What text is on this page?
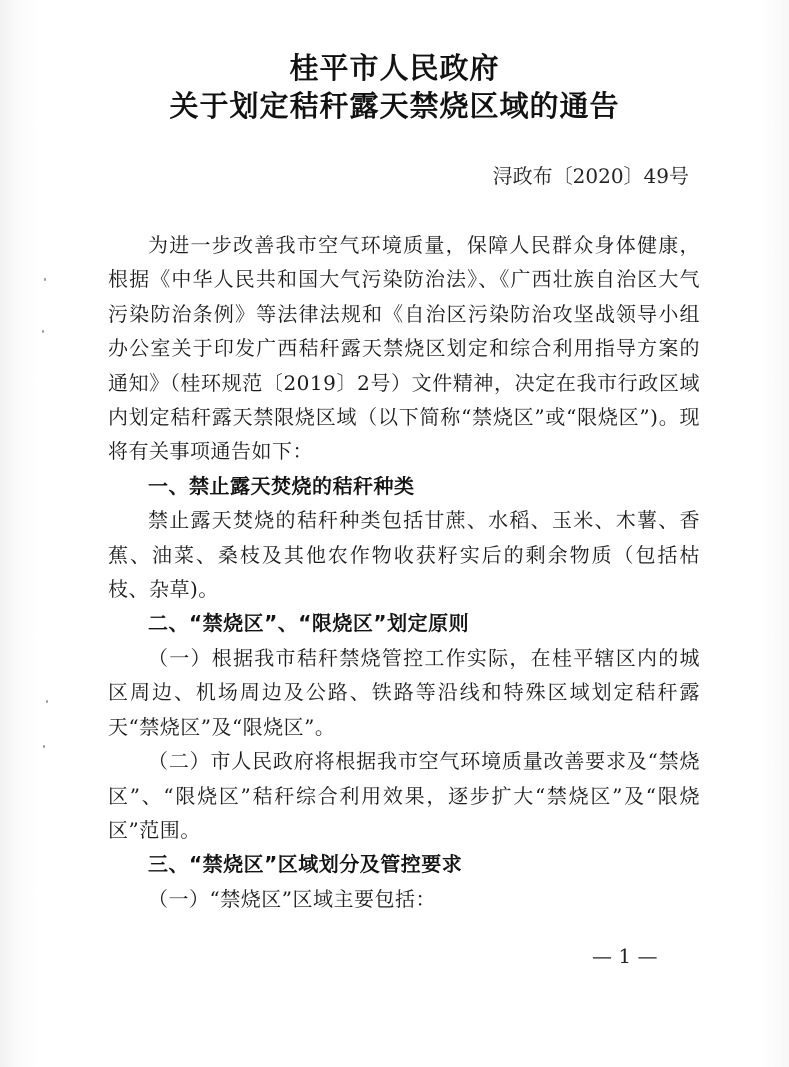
桂平市人民政府
关于划定秸秆露天禁烧区域的通告
浔政布〔2020〕49号

为进一步改善我市空气环境质量，保障人民群众身体健康，根据《中华人民共和国大气污染防治法》、《广西壮族自治区大气污染防治条例》等法律法规和《自治区污染防治攻坚战领导小组办公室关于印发广西秸秆露天禁烧区划定和综合利用指导方案的通知》（桂环规范〔2019〕2号）文件精神，决定在我市行政区域内划定秸秆露天禁限烧区域（以下简称“禁烧区”或“限烧区”)。现将有关事项通告如下：

一、禁止露天焚烧的秸秆种类

禁止露天焚烧的秸秆种类包括甘蔗、水稻、玉米、木薯、香蕉、油菜、桑枝及其他农作物收获籽实后的剩余物质（包括枯枝、杂草)。

二、“禁烧区”、“限烧区”划定原则

（一）根据我市秸秆禁烧管控工作实际，在桂平辖区内的城区周边、机场周边及公路、铁路等沿线和特殊区域划定秸秆露天“禁烧区”及“限烧区”。

（二）市人民政府将根据我市空气环境质量改善要求及“禁烧区”、“限烧区”秸秆综合利用效果，逐步扩大“禁烧区”及“限烧区”范围。

三、“禁烧区”区域划分及管控要求

（一）“禁烧区”区域主要包括：

— 1 —
